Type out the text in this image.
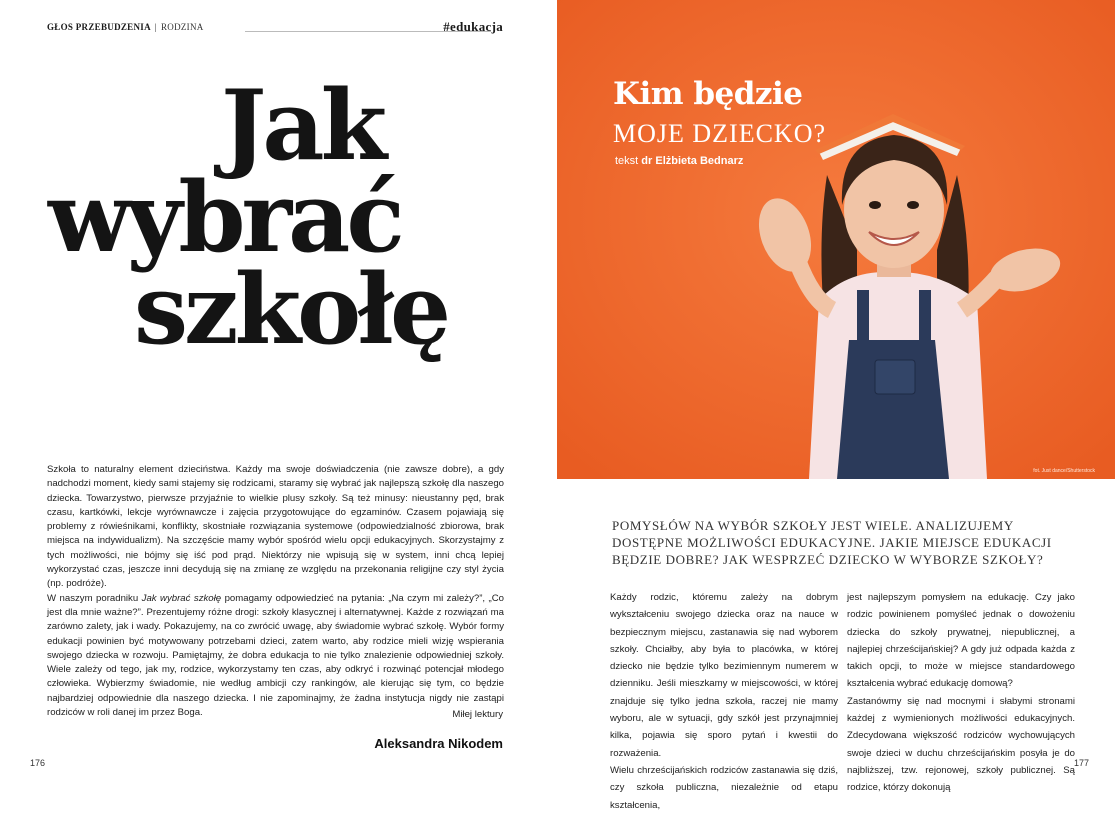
GŁOS PRZEBUDZENIA | RODZINA	#edukacja
Jak
wybrać
szkołę

Szkoła to naturalny element dzieciństwa. Każdy ma swoje doświadczenia (nie zawsze dobre), a gdy nadchodzi moment, kiedy sami stajemy się rodzicami, staramy się wybrać jak najlepszą szkołę dla naszego dziecka. Towarzystwo, pierwsze przyjaźnie to wielkie plusy szkoły. Są też minusy: nieustanny pęd, brak czasu, kartkówki, lekcje wyrównawcze i zajęcia przygotowujące do egzaminów. Czasem pojawiają się problemy z rówieśnikami, konflikty, skostniałe rozwiązania systemowe (odpowiedzialność zbiorowa, brak miejsca na indywidualizm). Na szczęście mamy wybór spośród wielu opcji edukacyjnych. Skorzystajmy z tych możliwości, nie bójmy się iść pod prąd. Niektórzy nie wpisują się w system, inni chcą lepiej wykorzystać czas, jeszcze inni decydują się na zmianę ze względu na przekonania religijne czy styl życia (np. podróże).

W naszym poradniku Jak wybrać szkołę pomagamy odpowiedzieć na pytania: „Na czym mi zależy?”, „Co jest dla mnie ważne?”. Prezentujemy różne drogi: szkoły klasycznej i alternatywnej. Każde z rozwiązań ma zarówno zalety, jak i wady. Pokazujemy, na co zwrócić uwagę, aby świadomie wybrać szkołę. Wybór formy edukacji powinien być motywowany potrzebami dzieci, zatem warto, aby rodzice mieli wizję wspierania swojego dziecka w rozwoju. Pamiętajmy, że dobra edukacja to nie tylko znalezienie odpowiedniej szkoły. Wiele zależy od tego, jak my, rodzice, wykorzystamy ten czas, aby odkryć i rozwinąć potencjał młodego człowieka. Wybierzmy świadomie, nie według ambicji czy rankingów, ale kierując się tym, co będzie najbardziej odpowiednie dla naszego dziecka. I nie zapominajmy, że żadna instytucja nigdy nie zastąpi rodziców w roli danej im przez Boga.	Miłej lektury
Aleksandra Nikodem
176
Kim będzie
MOJE DZIECKO?
tekst dr Elżbieta Bednarz
fot. Just dance/Shutterstock
POMYSŁÓW NA WYBÓR SZKOŁY JEST WIELE. ANALIZUJEMY DOSTĘPNE MOŻLIWOŚCI EDUKACYJNE. JAKIE MIEJSCE EDUKACJI BĘDZIE DOBRE? JAK WESPRZEĆ DZIECKO W WYBORZE SZKOŁY?

Każdy rodzic, któremu zależy na dobrym wykształceniu swojego dziecka oraz na nauce w bezpiecznym miejscu, zastanawia się nad wyborem szkoły. Chciałby, aby była to placówka, w której dziecko nie będzie tylko bezimiennym numerem w dzienniku. Jeśli mieszkamy w miejscowości, w której znajduje się tylko jedna szkoła, raczej nie mamy wyboru, ale w sytuacji, gdy szkół jest przynajmniej kilka, pojawia się sporo pytań i kwestii do rozważenia.

Wielu chrześcijańskich rodziców zastanawia się dziś, czy szkoła publiczna, niezależnie od etapu kształcenia,

jest najlepszym pomysłem na edukację. Czy jako rodzic powinienem pomyśleć jednak o dowożeniu dziecka do szkoły prywatnej, niepublicznej, a najlepiej chrześcijańskiej? A gdy już odpada każda z takich opcji, to może w miejsce standardowego kształcenia wybrać edukację domową?

Zastanówmy się nad mocnymi i słabymi stronami każdej z wymienionych możliwości edukacyjnych. Zdecydowana większość rodziców wychowujących swoje dzieci w duchu chrześcijańskim posyła je do najbliższej, tzw. rejonowej, szkoły publicznej. Są rodzice, którzy dokonują

177
